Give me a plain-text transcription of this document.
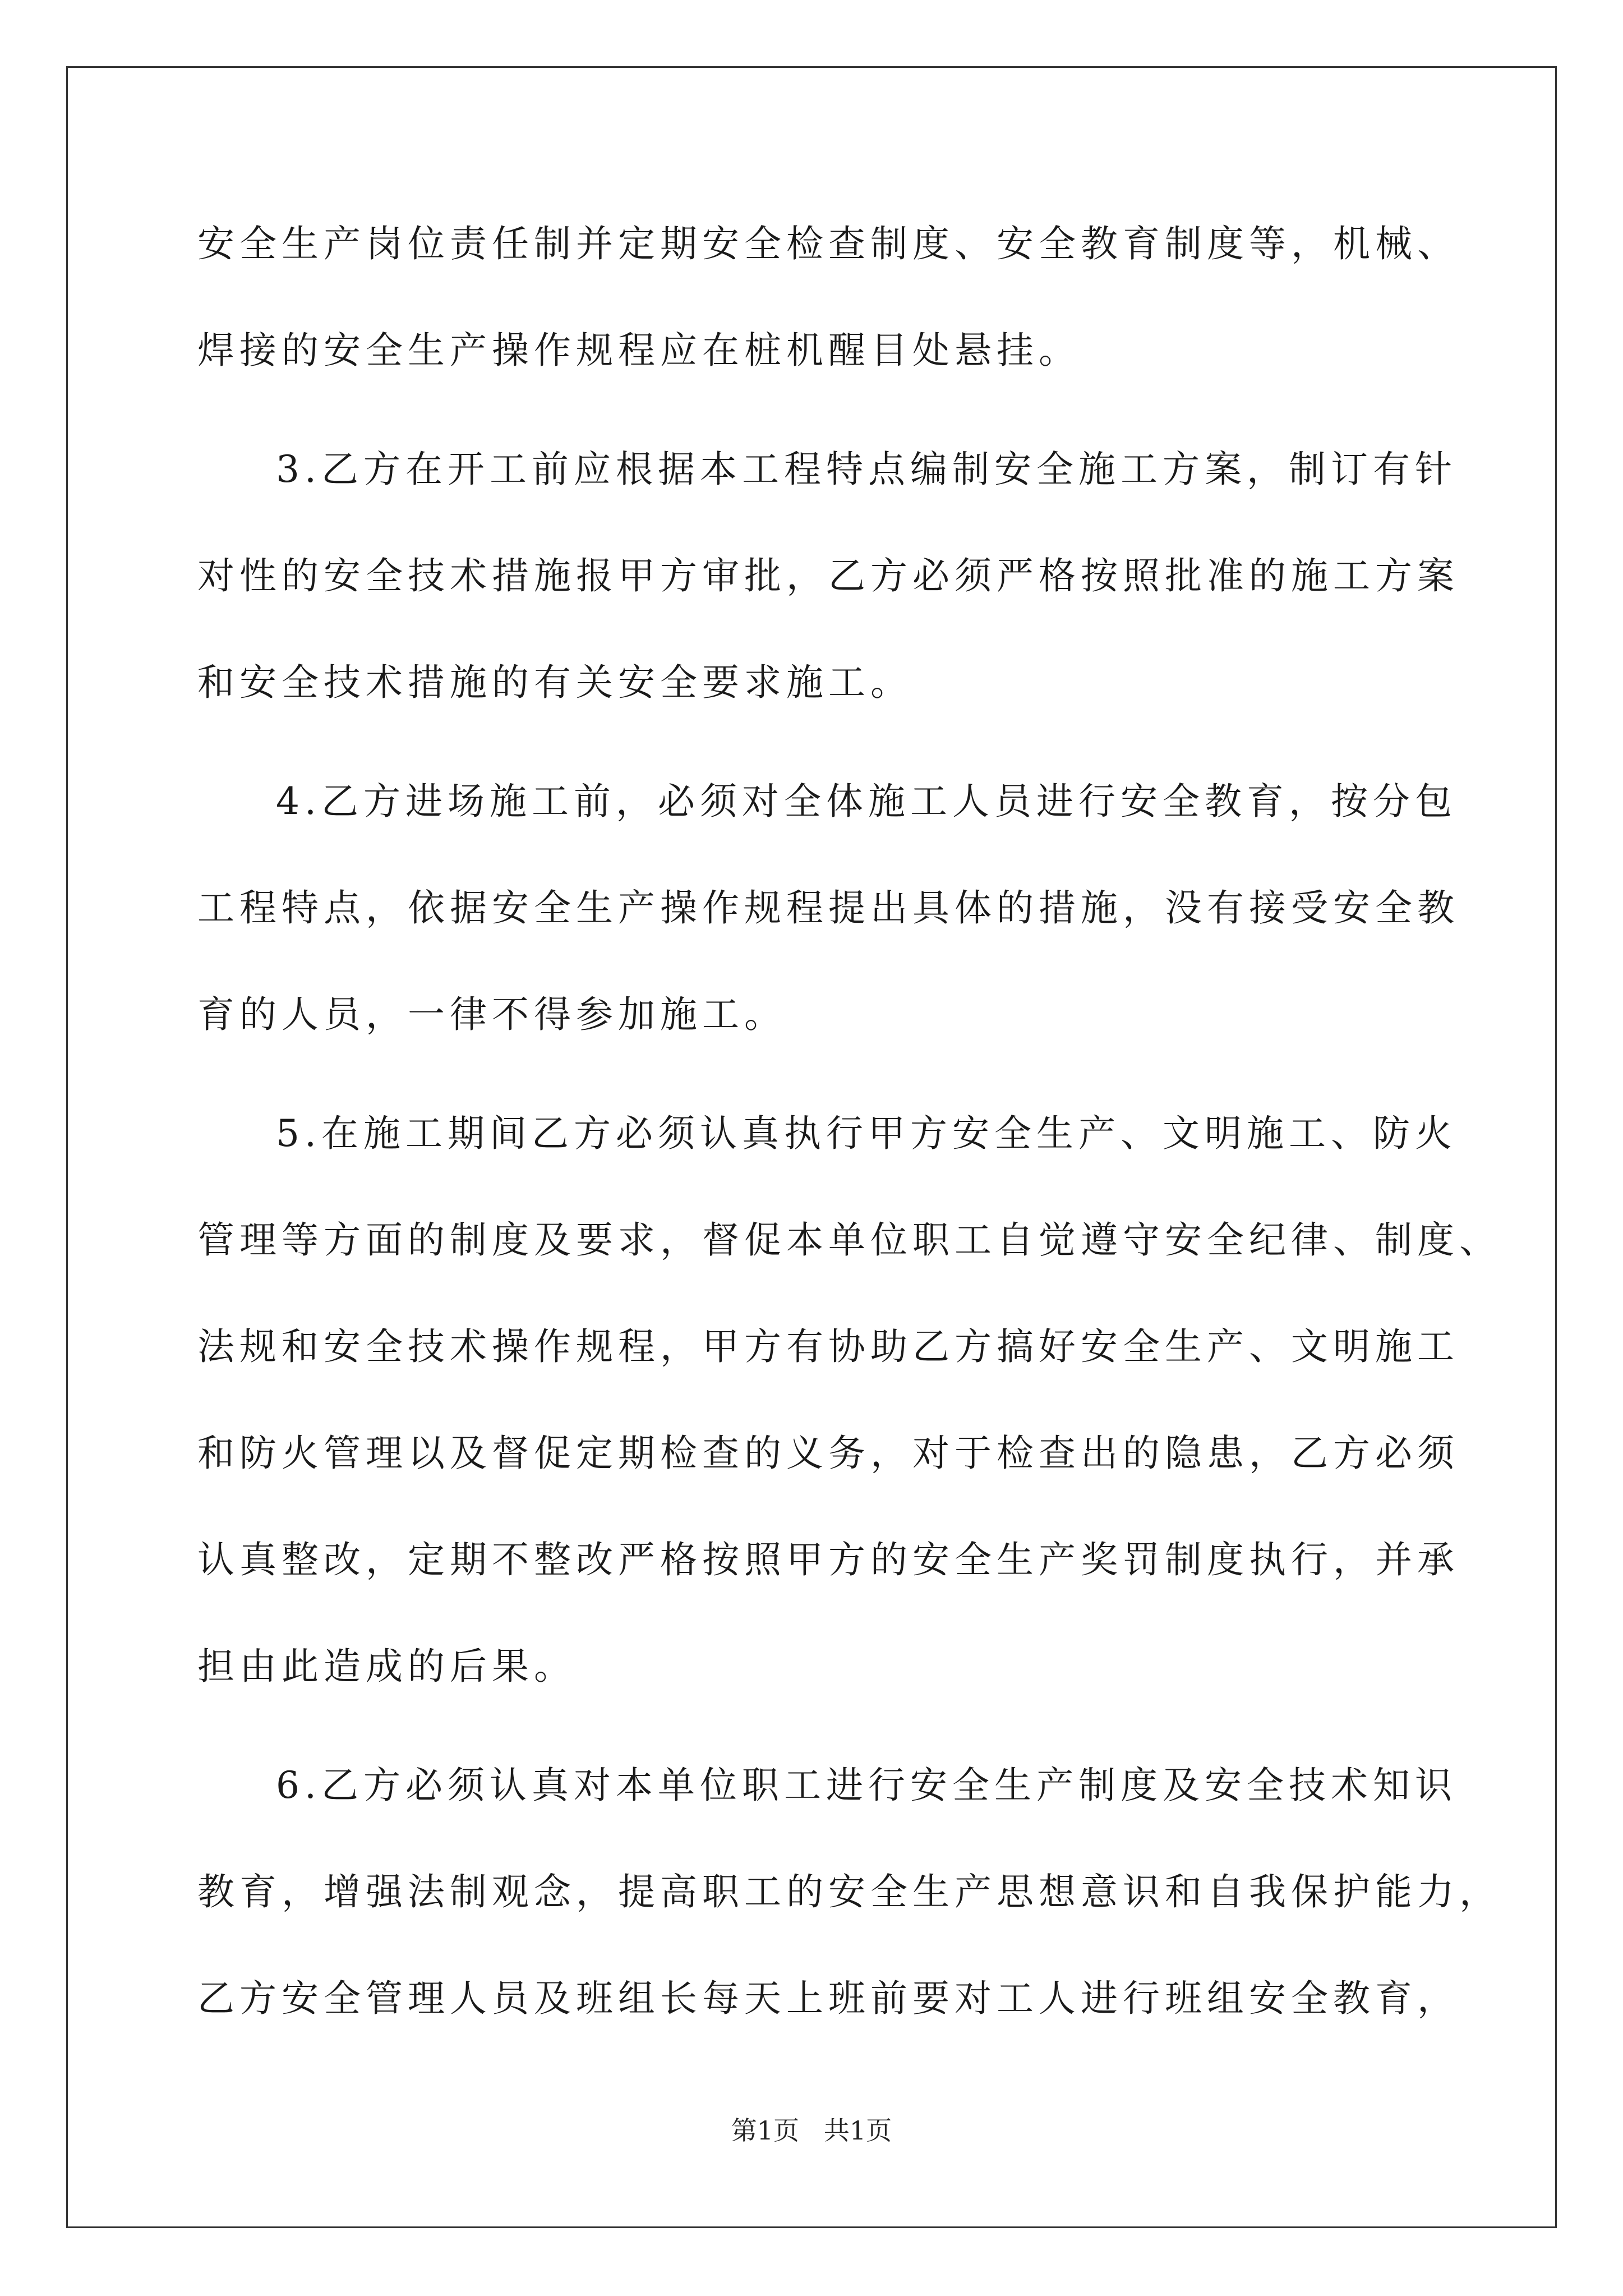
安全生产岗位责任制并定期安全检查制度、安全教育制度等，机械、
焊接的安全生产操作规程应在桩机醒目处悬挂。
3.乙方在开工前应根据本工程特点编制安全施工方案，制订有针
对性的安全技术措施报甲方审批，乙方必须严格按照批准的施工方案
和安全技术措施的有关安全要求施工。
4.乙方进场施工前，必须对全体施工人员进行安全教育，按分包
工程特点，依据安全生产操作规程提出具体的措施，没有接受安全教
育的人员，一律不得参加施工。
5.在施工期间乙方必须认真执行甲方安全生产、文明施工、防火
管理等方面的制度及要求，督促本单位职工自觉遵守安全纪律、制度、
法规和安全技术操作规程，甲方有协助乙方搞好安全生产、文明施工
和防火管理以及督促定期检查的义务，对于检查出的隐患，乙方必须
认真整改，定期不整改严格按照甲方的安全生产奖罚制度执行，并承
担由此造成的后果。
6.乙方必须认真对本单位职工进行安全生产制度及安全技术知识
教育，增强法制观念，提高职工的安全生产思想意识和自我保护能力，
乙方安全管理人员及班组长每天上班前要对工人进行班组安全教育，
第1页   共1页
